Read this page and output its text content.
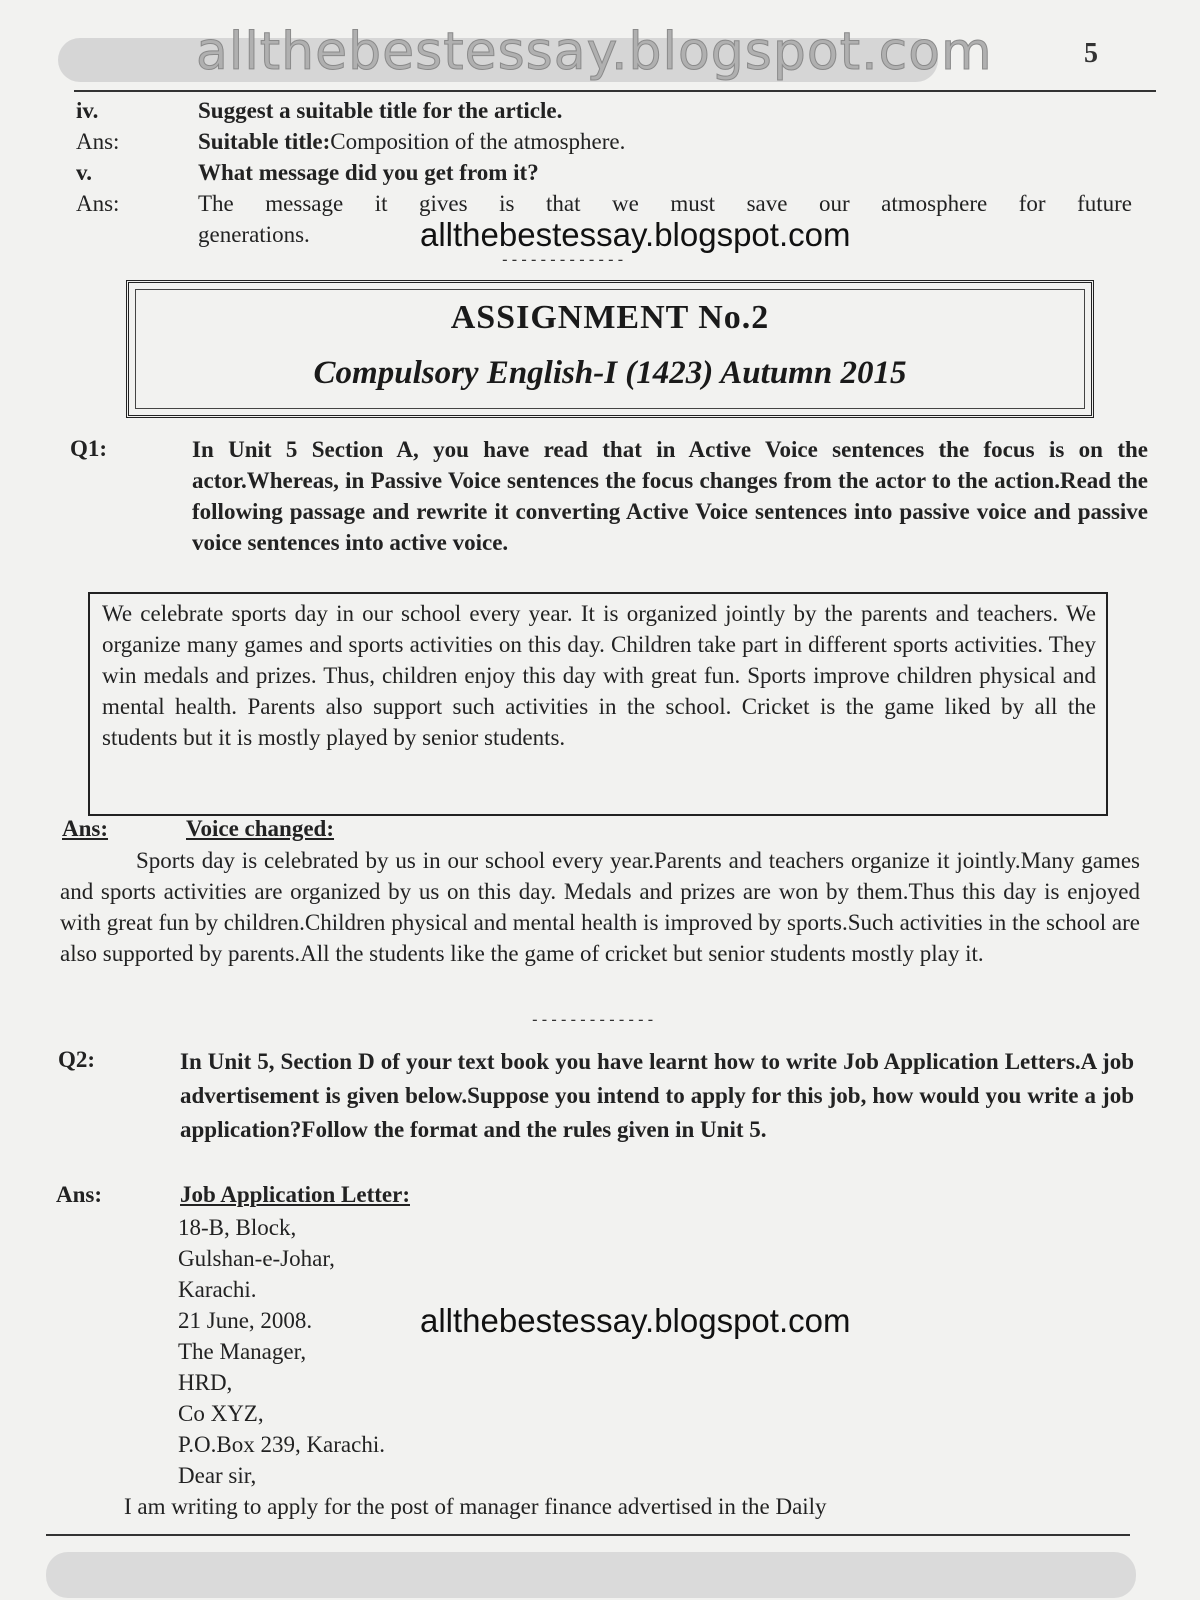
allthebestessay.blogspot.com	5
iv.	Suggest a suitable title for the article.
Ans:	Suitable title:Composition of the atmosphere.
v.	What message did you get from it?
Ans:	The message it gives is that we must save our atmosphere for future
generations.	allthebestessay.blogspot.com
-------------
ASSIGNMENT No.2
Compulsory English-I (1423) Autumn 2015
Q1:	In Unit 5 Section A, you have read that in Active Voice sentences the focus is on the actor.Whereas, in Passive Voice sentences the focus changes from the actor to the action.Read the following passage and rewrite it converting Active Voice sentences into passive voice and passive voice sentences into active voice.
We celebrate sports day in our school every year. It is organized jointly by the parents and teachers. We organize many games and sports activities on this day. Children take part in different sports activities. They win medals and prizes. Thus, children enjoy this day with great fun. Sports improve children physical and mental health. Parents also support such activities in the school. Cricket is the game liked by all the students but it is mostly played by senior students.
Ans:	Voice changed:
Sports day is celebrated by us in our school every year.Parents and teachers organize it jointly.Many games and sports activities are organized by us on this day. Medals and prizes are won by them.Thus this day is enjoyed with great fun by children.Children physical and mental health is improved by sports.Such activities in the school are also supported by parents.All the students like the game of cricket but senior students mostly play it.
-------------
Q2:	In Unit 5, Section D of your text book you have learnt how to write Job Application Letters.A job advertisement is given below.Suppose you intend to apply for this job, how would you write a job application?Follow the format and the rules given in Unit 5.
Ans:	Job Application Letter:
18-B, Block,
Gulshan-e-Johar,
Karachi.
21 June, 2008.
The Manager,
HRD,
Co XYZ,
P.O.Box 239, Karachi.
Dear sir,
allthebestessay.blogspot.com
I am writing to apply for the post of manager finance advertised in the Daily
